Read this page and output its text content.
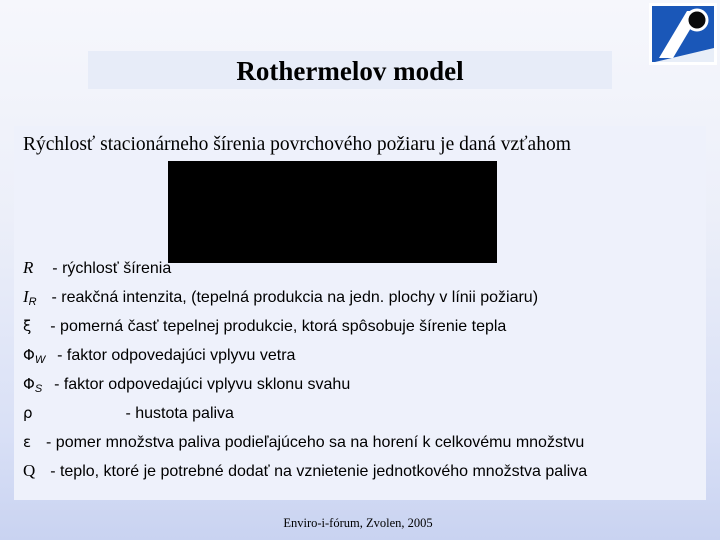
Rothermelov model
Rýchlosť stacionárneho šírenia povrchového požiaru je daná vzťahom
R - rýchlosť šírenia
$I_R$ - reakčná intenzita, (tepelná produkcia na jedn. plochy v línii požiaru)
ξ - pomerná časť tepelnej produkcie, ktorá spôsobuje šírenie tepla
$\Phi_W$ - faktor odpovedajúci vplyvu vetra
$\Phi_S$ - faktor odpovedajúci vplyvu sklonu svahu
ρ	- hustota paliva
ε - pomer množstva paliva podieľajúceho sa na horení k celkovému množstvu
Q - teplo, ktoré je potrebné dodať na vznietenie jednotkového množstva paliva
Enviro-i-fórum, Zvolen, 2005
